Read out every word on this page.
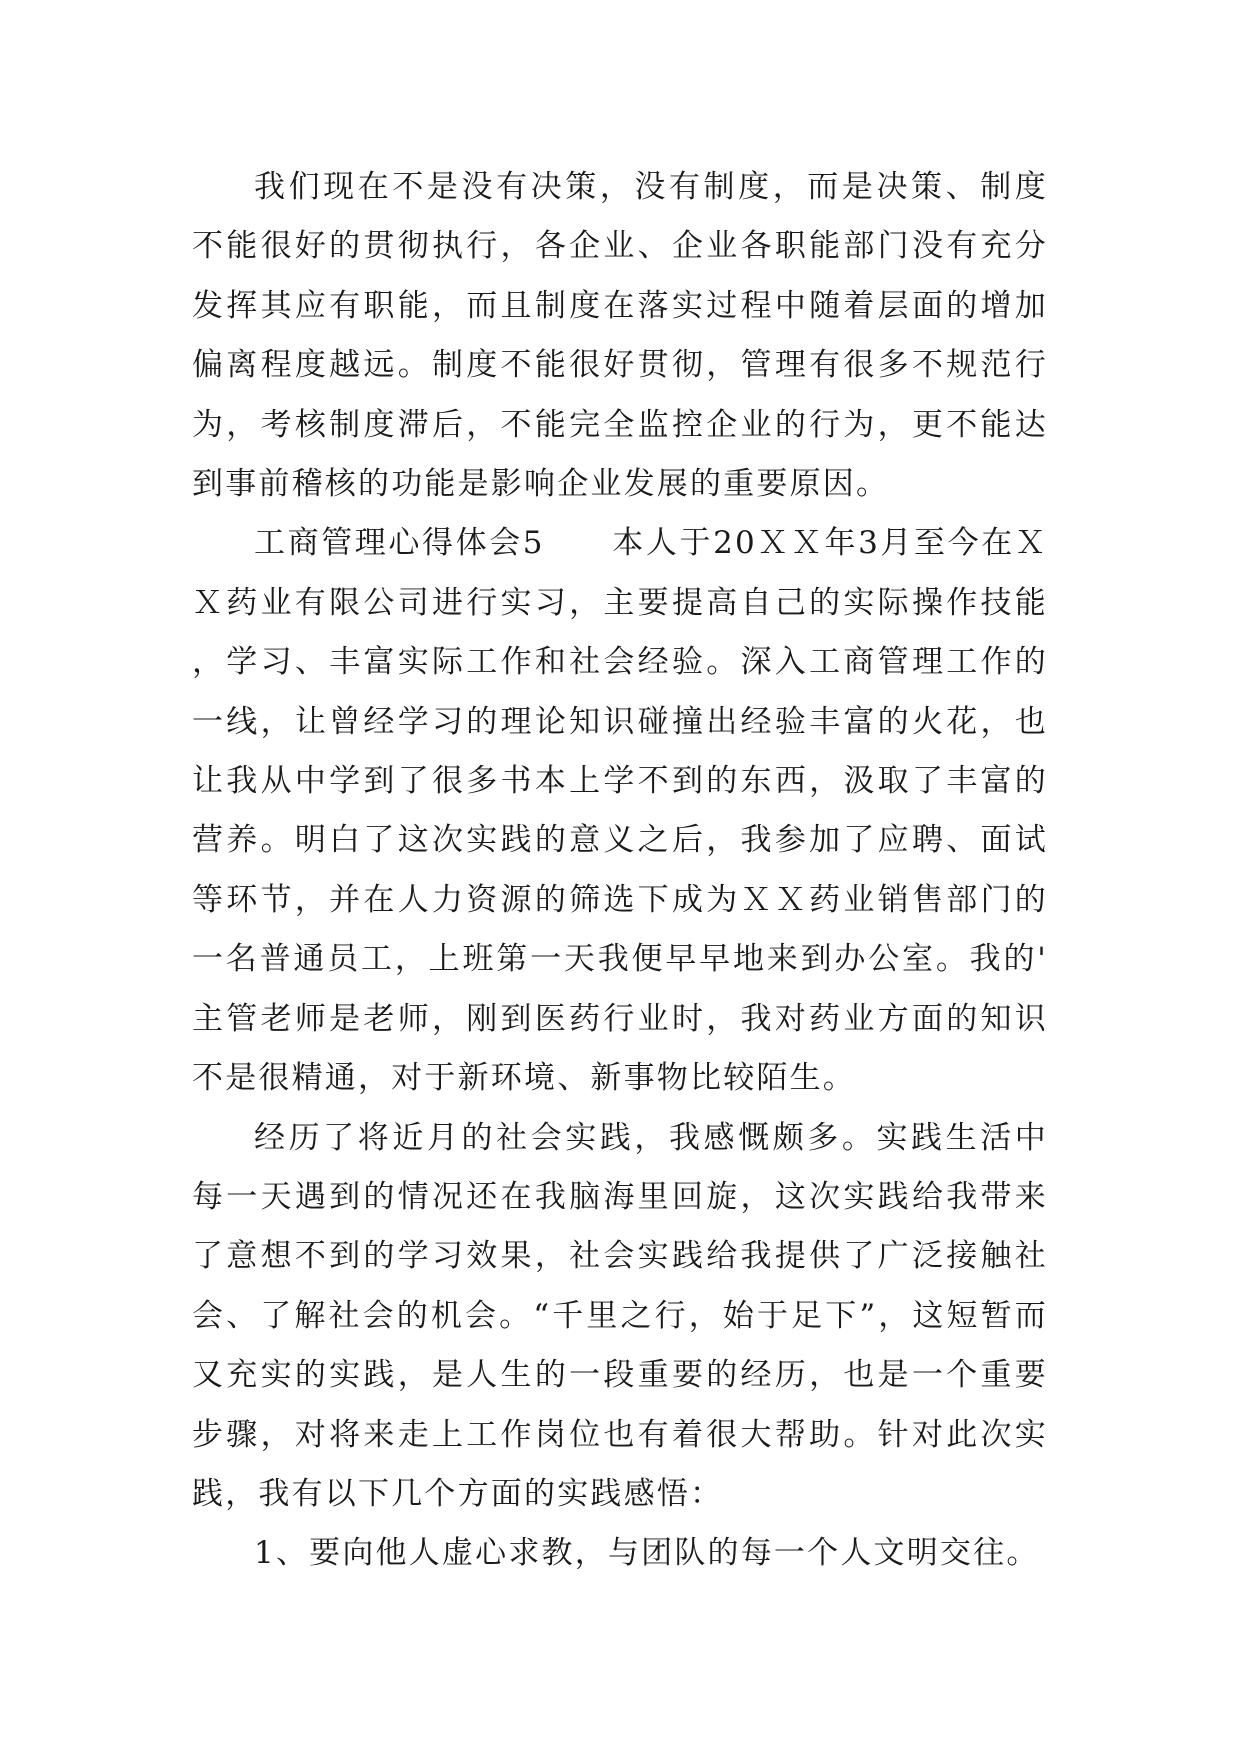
我们现在不是没有决策，没有制度，而是决策、制度不能很好的贯彻执行，各企业、企业各职能部门没有充分发挥其应有职能，而且制度在落实过程中随着层面的增加偏离程度越远。制度不能很好贯彻，管理有很多不规范行为，考核制度滞后，不能完全监控企业的行为，更不能达到事前稽核的功能是影响企业发展的重要原因。

工商管理心得体会5　　本人于20ＸＸ年3月至今在ＸＸ药业有限公司进行实习，主要提高自己的实际操作技能，学习、丰富实际工作和社会经验。深入工商管理工作的一线，让曾经学习的理论知识碰撞出经验丰富的火花，也让我从中学到了很多书本上学不到的东西，汲取了丰富的营养。明白了这次实践的意义之后，我参加了应聘、面试等环节，并在人力资源的筛选下成为ＸＸ药业销售部门的一名普通员工，上班第一天我便早早地来到办公室。我的'主管老师是老师，刚到医药行业时，我对药业方面的知识不是很精通，对于新环境、新事物比较陌生。

经历了将近月的社会实践，我感慨颇多。实践生活中每一天遇到的情况还在我脑海里回旋，这次实践给我带来了意想不到的学习效果，社会实践给我提供了广泛接触社会、了解社会的机会。“千里之行，始于足下”，这短暂而又充实的实践，是人生的一段重要的经历，也是一个重要步骤，对将来走上工作岗位也有着很大帮助。针对此次实践，我有以下几个方面的实践感悟：

1、要向他人虚心求教，与团队的每一个人文明交往。
